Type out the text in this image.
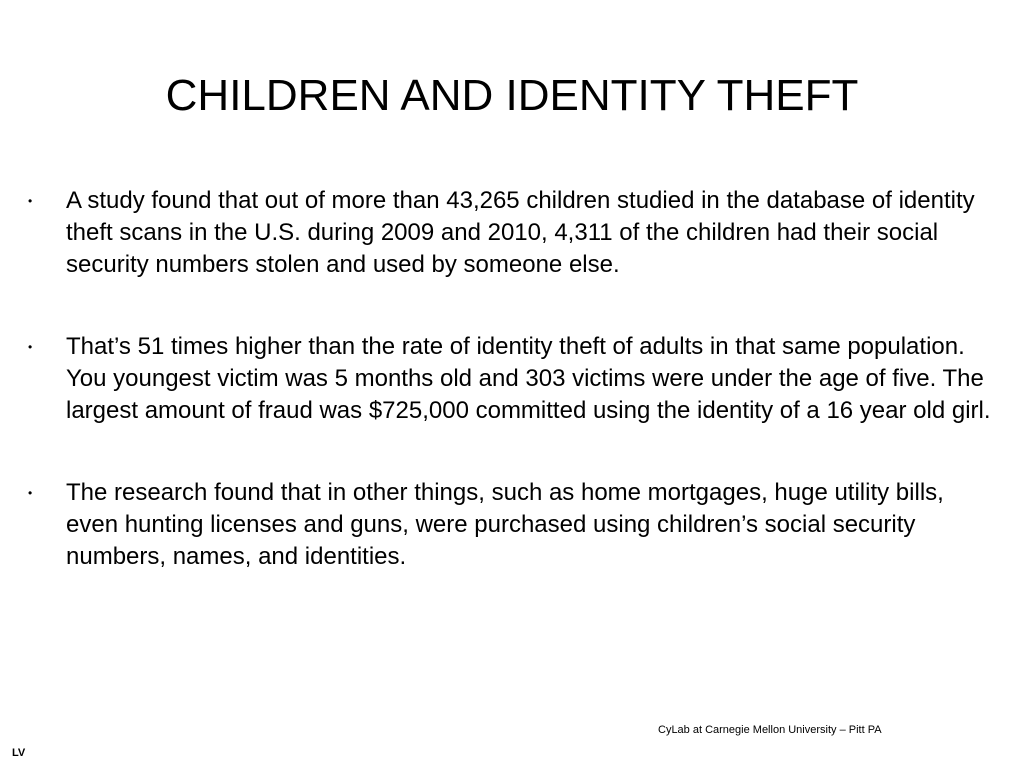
CHILDREN AND IDENTITY THEFT
•	A study found that out of more than 43,265 children studied in the database of identity theft scans in the U.S. during 2009 and 2010, 4,311 of the children had their social security numbers stolen and used by someone else.
•	That’s 51 times higher than the rate of identity theft of adults in that same population. You youngest victim was 5 months old and 303 victims were under the age of five. The largest amount of fraud was $725,000 committed using the identity of a 16 year old girl.
•	The research found that in other things, such as home mortgages, huge utility bills, even hunting licenses and guns, were purchased using children’s social security numbers, names, and identities.
CyLab at Carnegie Mellon University – Pitt PA
LV
